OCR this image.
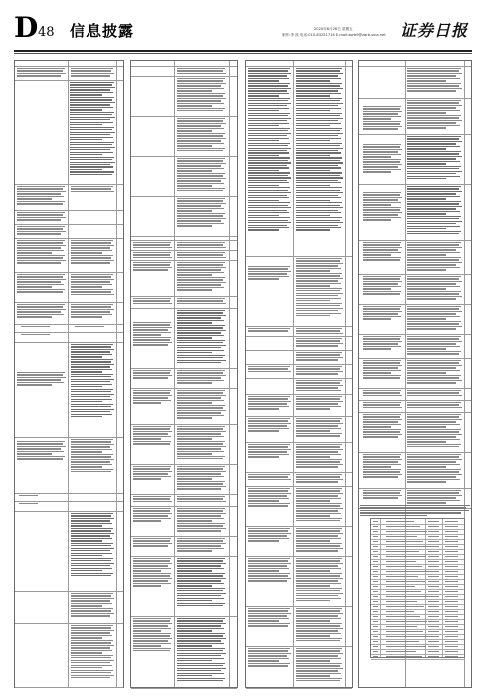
D 48 信息披露	2020年6月26日 星期五
制作:李 波 电话:010-83251716 E-mail:zqrb9@zqrb.sina.net 证券日报
